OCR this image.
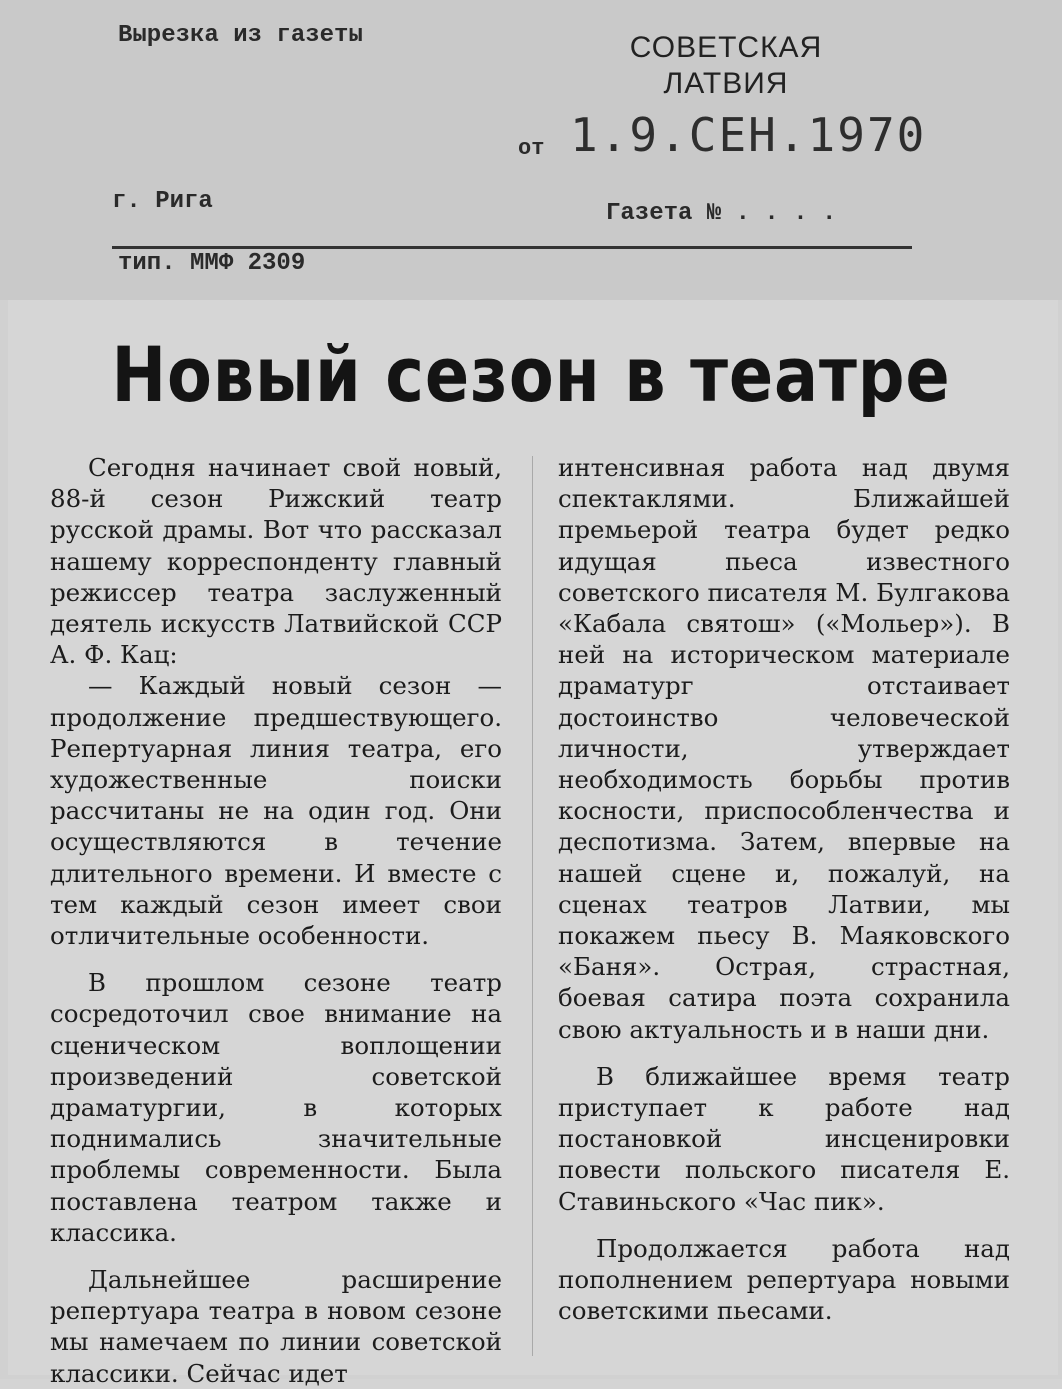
Вырезка из газеты	СОВЕТСКАЯ
ЛАТВИЯ
от 1.9.СЕН.1970
г. Рига	Газета № . . . .
тип. ММФ 2309
Новый сезон в театре

Сегодня начинает свой новый, 88-й сезон Рижский театр русской драмы. Вот что рассказал нашему корреспонденту главный режиссер театра заслуженный деятель искусств Латвийской ССР А. Ф. Кац:

— Каждый новый сезон — продолжение предшествующего. Репертуарная линия театра, его художественные поиски рассчитаны не на один год. Они осуществляются в течение длительного времени. И вместе с тем каждый сезон имеет свои отличительные особенности.

В прошлом сезоне театр сосредоточил свое внимание на сценическом воплощении произведений советской драматургии, в которых поднимались значительные проблемы современности. Была поставлена театром также и классика.

Дальнейшее расширение репертуара театра в новом сезоне мы намечаем по линии советской классики. Сейчас идет

интенсивная работа над двумя спектаклями. Ближайшей премьерой театра будет редко идущая пьеса известного советского писателя М. Булгакова «Кабала святош» («Мольер»). В ней на историческом материале драматург отстаивает достоинство человеческой личности, утверждает необходимость борьбы против косности, приспособленчества и деспотизма. Затем, впервые на нашей сцене и, пожалуй, на сценах театров Латвии, мы покажем пьесу В. Маяковского «Баня». Острая, страстная, боевая сатира поэта сохранила свою актуальность и в наши дни.

В ближайшее время театр приступает к работе над постановкой инсценировки повести польского писателя Е. Ставиньского «Час пик».

Продолжается работа над пополнением репертуара новыми советскими пьесами.
